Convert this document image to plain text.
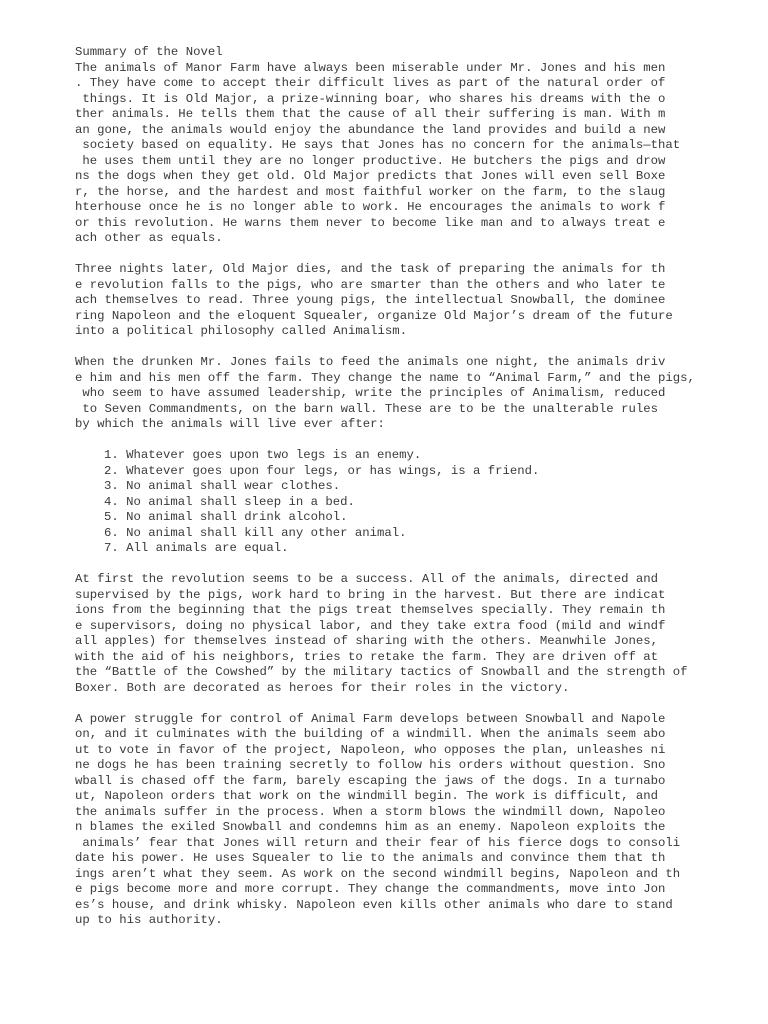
Summary of the Novel
The animals of Manor Farm have always been miserable under Mr. Jones and his men
. They have come to accept their difficult lives as part of the natural order of
things. It is Old Major, a prize-winning boar, who shares his dreams with the o
ther animals. He tells them that the cause of all their suffering is man. With m
an gone, the animals would enjoy the abundance the land provides and build a new
society based on equality. He says that Jones has no concern for the animals—that
he uses them until they are no longer productive. He butchers the pigs and drow
ns the dogs when they get old. Old Major predicts that Jones will even sell Boxe
r, the horse, and the hardest and most faithful worker on the farm, to the slaug
hterhouse once he is no longer able to work. He encourages the animals to work f
or this revolution. He warns them never to become like man and to always treat e
ach other as equals.
Three nights later, Old Major dies, and the task of preparing the animals for th
e revolution falls to the pigs, who are smarter than the others and who later te
ach themselves to read. Three young pigs, the intellectual Snowball, the dominee
ring Napoleon and the eloquent Squealer, organize Old Major’s dream of the future
into a political philosophy called Animalism.
When the drunken Mr. Jones fails to feed the animals one night, the animals driv
e him and his men off the farm. They change the name to “Animal Farm,” and the pigs,
who seem to have assumed leadership, write the principles of Animalism, reduced
to Seven Commandments, on the barn wall. These are to be the unalterable rules
by which the animals will live ever after:
1. Whatever goes upon two legs is an enemy.
2. Whatever goes upon four legs, or has wings, is a friend.
3. No animal shall wear clothes.
4. No animal shall sleep in a bed.
5. No animal shall drink alcohol.
6. No animal shall kill any other animal.
7. All animals are equal.
At first the revolution seems to be a success. All of the animals, directed and
supervised by the pigs, work hard to bring in the harvest. But there are indicat
ions from the beginning that the pigs treat themselves specially. They remain th
e supervisors, doing no physical labor, and they take extra food (mild and windf
all apples) for themselves instead of sharing with the others. Meanwhile Jones,
with the aid of his neighbors, tries to retake the farm. They are driven off at
the “Battle of the Cowshed” by the military tactics of Snowball and the strength of
Boxer. Both are decorated as heroes for their roles in the victory.
A power struggle for control of Animal Farm develops between Snowball and Napole
on, and it culminates with the building of a windmill. When the animals seem abo
ut to vote in favor of the project, Napoleon, who opposes the plan, unleashes ni
ne dogs he has been training secretly to follow his orders without question. Sno
wball is chased off the farm, barely escaping the jaws of the dogs. In a turnabo
ut, Napoleon orders that work on the windmill begin. The work is difficult, and
the animals suffer in the process. When a storm blows the windmill down, Napoleo
n blames the exiled Snowball and condemns him as an enemy. Napoleon exploits the
animals’ fear that Jones will return and their fear of his fierce dogs to consoli
date his power. He uses Squealer to lie to the animals and convince them that th
ings aren’t what they seem. As work on the second windmill begins, Napoleon and th
e pigs become more and more corrupt. They change the commandments, move into Jon
es’s house, and drink whisky. Napoleon even kills other animals who dare to stand
up to his authority.
